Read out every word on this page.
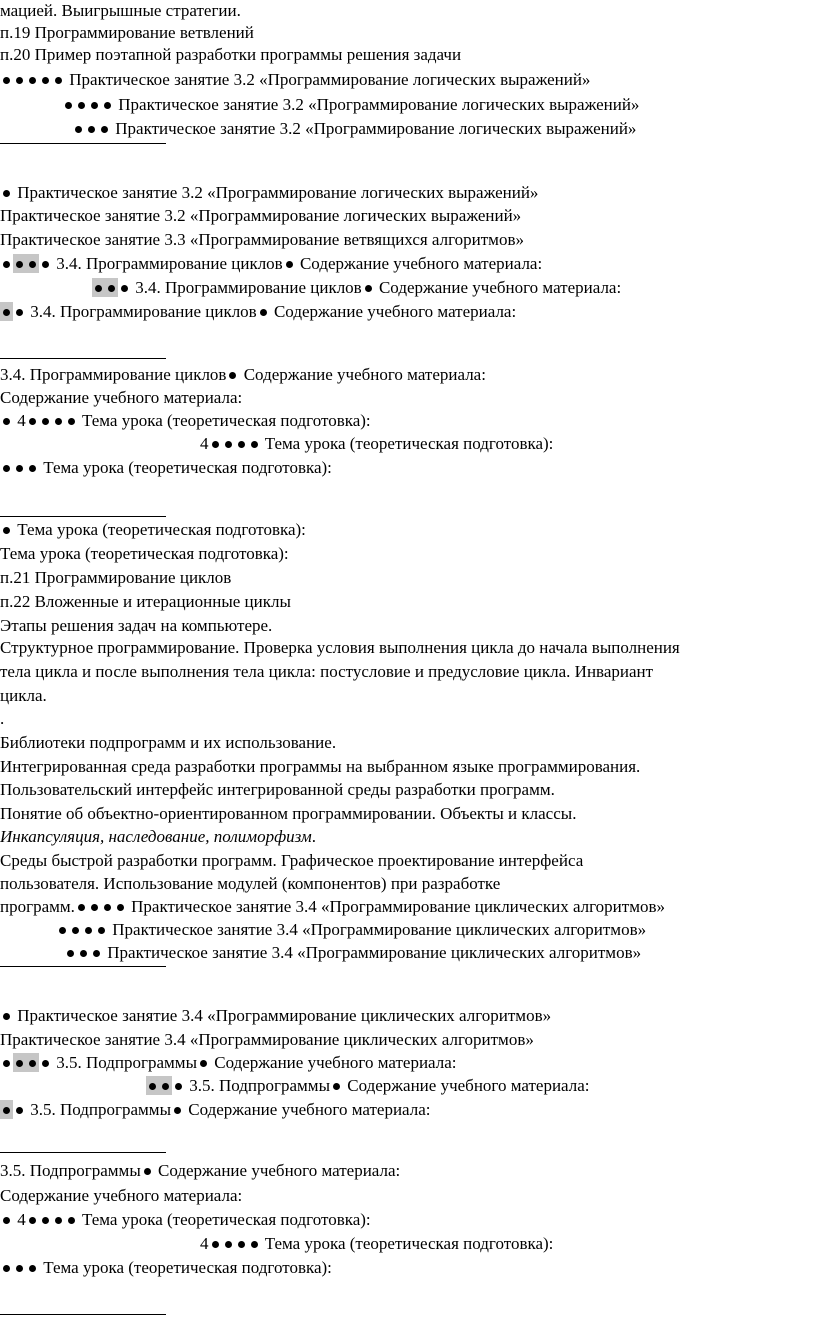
мацией. Выигрышные стратегии.
п.19 Программирование ветвлений
п.20 Пример поэтапной разработки программы решения задачи
Практическое занятие 3.2 «Программирование логических выражений»
Практическое занятие 3.2 «Программирование логических выражений»
Практическое занятие 3.2 «Программирование логических выражений»
Практическое занятие 3.2 «Программирование логических выражений»
Практическое занятие 3.2 «Программирование логических выражений»
Практическое занятие 3.3 «Программирование ветвящихся алгоритмов»
3.4. Программирование циклов Содержание учебного материала:
3.4. Программирование циклов Содержание учебного материала:
3.4. Программирование циклов Содержание учебного материала:
3.4. Программирование циклов Содержание учебного материала:
Содержание учебного материала:
4	Тема урока (теоретическая подготовка):
4	Тема урока (теоретическая подготовка):
Тема урока (теоретическая подготовка):
Тема урока (теоретическая подготовка):
Тема урока (теоретическая подготовка):
п.21 Программирование циклов
п.22 Вложенные и итерационные циклы
Этапы решения задач на компьютере.
Структурное программирование. Проверка условия выполнения цикла до начала выполнения
тела цикла и после выполнения тела цикла: постусловие и предусловие цикла. Инвариант
цикла.
.
Библиотеки подпрограмм и их использование.
Интегрированная среда разработки программы на выбранном языке программирования.
Пользовательский интерфейс интегрированной среды разработки программ.
Понятие об объектно-ориентированном программировании. Объекты и классы.
Инкапсуляция, наследование, полиморфизм.
Среды быстрой разработки программ. Графическое проектирование интерфейса
пользователя. Использование модулей (компонентов) при разработке
программ.	Практическое занятие 3.4 «Программирование циклических алгоритмов»
Практическое занятие 3.4 «Программирование циклических алгоритмов»
Практическое занятие 3.4 «Программирование циклических алгоритмов»
Практическое занятие 3.4 «Программирование циклических алгоритмов»
Практическое занятие 3.4 «Программирование циклических алгоритмов»
3.5. Подпрограммы Содержание учебного материала:
3.5. Подпрограммы Содержание учебного материала:
3.5. Подпрограммы Содержание учебного материала:
3.5. Подпрограммы Содержание учебного материала:
Содержание учебного материала:
4	Тема урока (теоретическая подготовка):
4	Тема урока (теоретическая подготовка):
Тема урока (теоретическая подготовка):
